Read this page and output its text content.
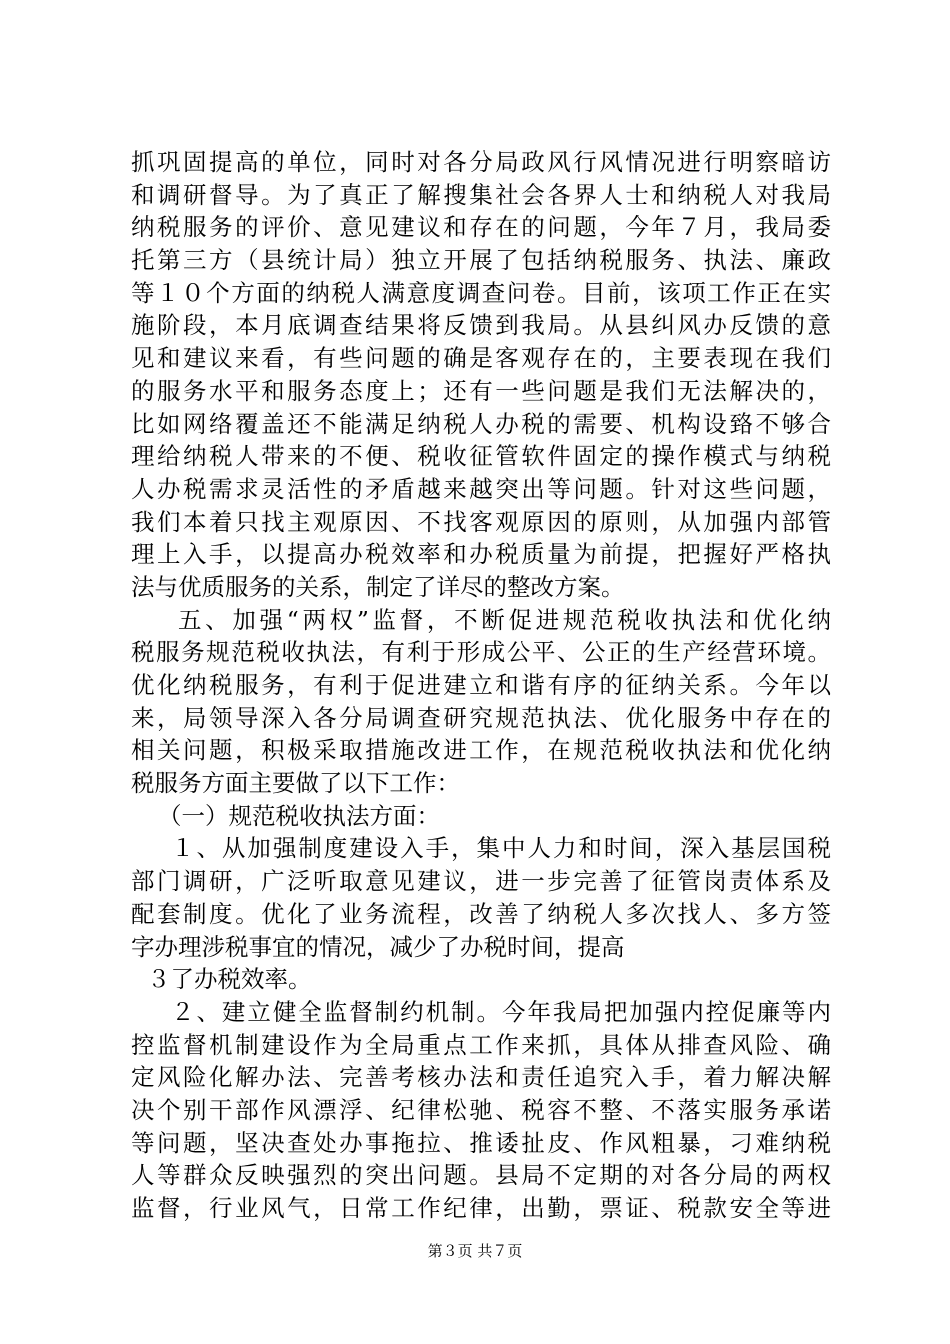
抓巩固提高的单位，同时对各分局政风行风情况进行明察暗访
和调研督导。为了真正了解搜集社会各界人士和纳税人对我局
纳税服务的评价、意见建议和存在的问题，今年７月，我局委
托第三方（县统计局）独立开展了包括纳税服务、执法、廉政
等１０个方面的纳税人满意度调查问卷。目前，该项工作正在实
施阶段，本月底调查结果将反馈到我局。从县纠风办反馈的意
见和建议来看，有些问题的确是客观存在的，主要表现在我们
的服务水平和服务态度上；还有一些问题是我们无法解决的，
比如网络覆盖还不能满足纳税人办税的需要、机构设臵不够合
理给纳税人带来的不便、税收征管软件固定的操作模式与纳税
人办税需求灵活性的矛盾越来越突出等问题。针对这些问题，
我们本着只找主观原因、不找客观原因的原则，从加强内部管
理上入手，以提高办税效率和办税质量为前提，把握好严格执
法与优质服务的关系，制定了详尽的整改方案。
五、加强“两权”监督，不断促进规范税收执法和优化纳
税服务规范税收执法，有利于形成公平、公正的生产经营环境。
优化纳税服务，有利于促进建立和谐有序的征纳关系。今年以
来，局领导深入各分局调查研究规范执法、优化服务中存在的
相关问题，积极采取措施改进工作，在规范税收执法和优化纳
税服务方面主要做了以下工作：
（一）规范税收执法方面：
１、从加强制度建设入手，集中人力和时间，深入基层国税
部门调研，广泛听取意见建议，进一步完善了征管岗责体系及
配套制度。优化了业务流程，改善了纳税人多次找人、多方签
字办理涉税事宜的情况，减少了办税时间，提高
３了办税效率。
２、建立健全监督制约机制。今年我局把加强内控促廉等内
控监督机制建设作为全局重点工作来抓，具体从排查风险、确
定风险化解办法、完善考核办法和责任追究入手，着力解决解
决个别干部作风漂浮、纪律松驰、税容不整、不落实服务承诺
等问题，坚决查处办事拖拉、推诿扯皮、作风粗暴，刁难纳税
人等群众反映强烈的突出问题。县局不定期的对各分局的两权
监督，行业风气，日常工作纪律，出勤，票证、税款安全等进
第３页 共７页
